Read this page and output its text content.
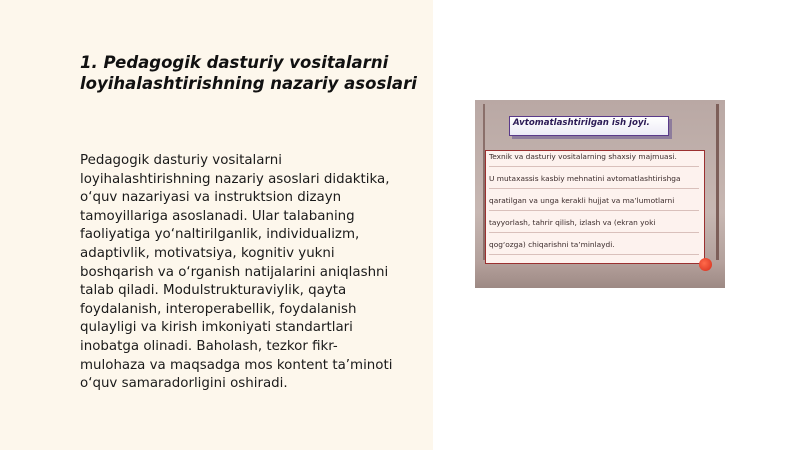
1. Pedagogik dasturiy vositalarni loyihalashtirishning nazariy asoslari

Pedagogik dasturiy vositalarni loyihalashtirishning nazariy asoslari didaktika, o‘quv nazariyasi va instruktsion dizayn tamoyillariga asoslanadi. Ular talabaning faoliyatiga yo‘naltirilganlik, individualizm, adaptivlik, motivatsiya, kognitiv yukni boshqarish va o‘rganish natijalarini aniqlashni talab qiladi. Modulstrukturaviylik, qayta foydalanish, interoperabellik, foydalanish qulayligi va kirish imkoniyati standartlari inobatga olinadi. Baholash, tezkor fikr-mulohaza va maqsadga mos kontent ta’minoti o‘quv samaradorligini oshiradi.

Avtomatlashtirilgan ish joyi.
Texnik va dasturiy vositalarning shaxsiy majmuasi.
U mutaxassis kasbiy mehnatini avtomatlashtirishga
qaratilgan va unga kerakli hujjat va ma’lumotlarni
tayyorlash, tahrir qilish, izlash va (ekran yoki
qog‘ozga) chiqarishni ta’minlaydi.
